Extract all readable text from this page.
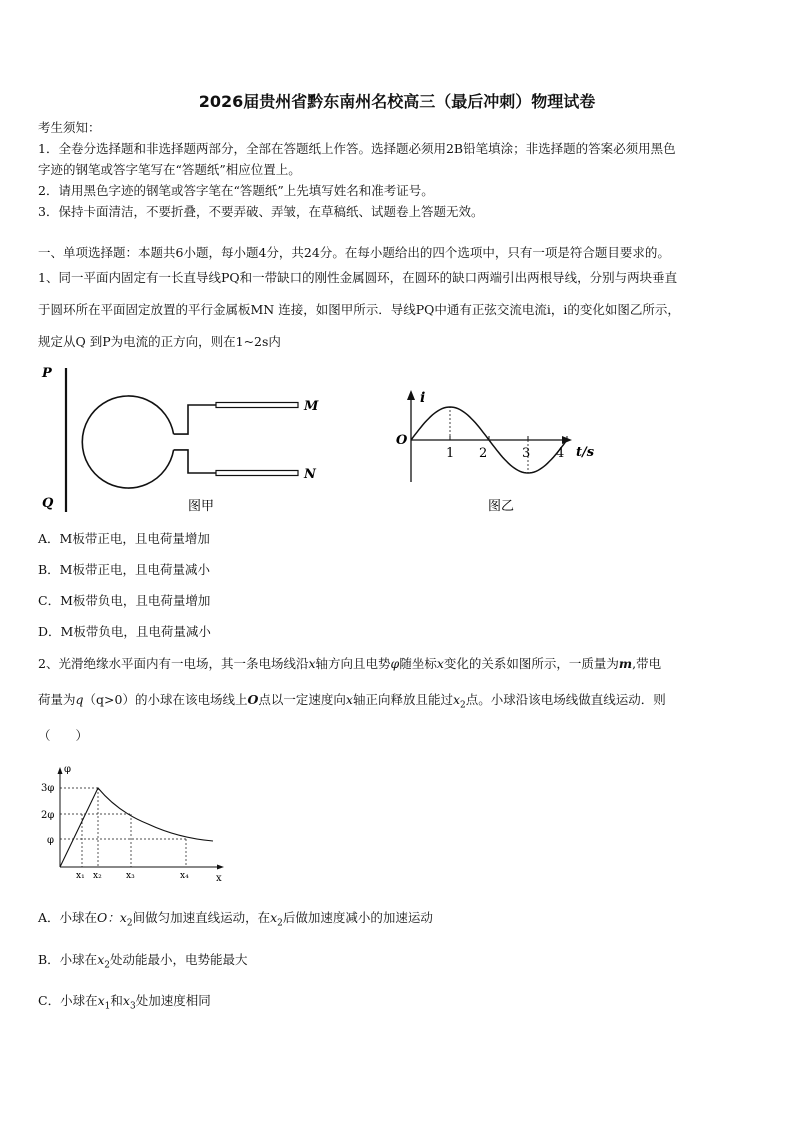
2026届贵州省黔东南州名校高三（最后冲刺）物理试卷
考生须知：
1．全卷分选择题和非选择题两部分，全部在答题纸上作答。选择题必须用2B铅笔填涂；非选择题的答案必须用黑色
字迹的钢笔或答字笔写在“答题纸”相应位置上。
2．请用黑色字迹的钢笔或答字笔在“答题纸”上先填写姓名和准考证号。
3．保持卡面清洁，不要折叠，不要弄破、弄皱，在草稿纸、试题卷上答题无效。
一、单项选择题：本题共6小题，每小题4分，共24分。在每小题给出的四个选项中，只有一项是符合题目要求的。
1、同一平面内固定有一长直导线PQ和一带缺口的刚性金属圆环，在圆环的缺口两端引出两根导线，分别与两块垂直
于圆环所在平面固定放置的平行金属板MN 连接，如图甲所示．导线PQ中通有正弦交流电流i，i的变化如图乙所示，
规定从Q 到P为电流的正方向，则在1~2s内
P
Q
M
N
图甲
i
t/s
O
1 2	3 4
图乙
A．M板带正电，且电荷量增加
B．M板带正电，且电荷量减小
C．M板带负电，且电荷量增加
D．M板带负电，且电荷量减小
2、光滑绝缘水平面内有一电场，其一条电场线沿x轴方向且电势φ随坐标x变化的关系如图所示，一质量为m,带电
荷量为q（q>0）的小球在该电场线上O点以一定速度向x轴正向释放且能过$x_2$点。小球沿该电场线做直线运动．则
（　　）
φ
x
3φ
2φ
φ
x₁ x₂	x₃	x₄
A．小球在O：$x_2$间做匀加速直线运动，在$x_2$后做加速度减小的加速运动
B．小球在$x_2$处动能最小，电势能最大
C．小球在$x_1$和$x_3$处加速度相同
